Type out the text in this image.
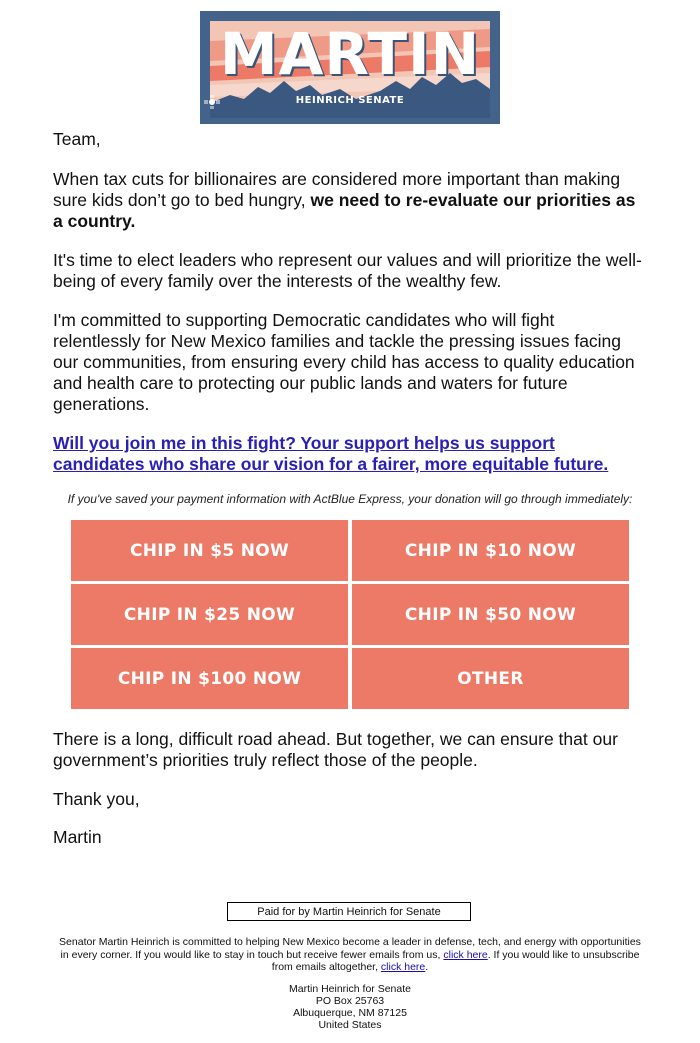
MARTIN
HEINRICH SENATE

Team,

When tax cuts for billionaires are considered more important than making sure kids don’t go to bed hungry, we need to re-evaluate our priorities as a country.

It's time to elect leaders who represent our values and will prioritize the well-being of every family over the interests of the wealthy few.

I'm committed to supporting Democratic candidates who will fight relentlessly for New Mexico families and tackle the pressing issues facing our communities, from ensuring every child has access to quality education and health care to protecting our public lands and waters for future generations.

Will you join me in this fight? Your support helps us support candidates who share our vision for a fairer, more equitable future.

If you've saved your payment information with ActBlue Express, your donation will go through immediately:
CHIP IN $5 NOW	CHIP IN $10 NOW
CHIP IN $25 NOW	CHIP IN $50 NOW
CHIP IN $100 NOW	OTHER

There is a long, difficult road ahead. But together, we can ensure that our government’s priorities truly reflect those of the people.

Thank you,

Martin

Paid for by Martin Heinrich for Senate

Senator Martin Heinrich is committed to helping New Mexico become a leader in defense, tech, and energy with opportunities in every corner. If you would like to stay in touch but receive fewer emails from us, click here. If you would like to unsubscribe from emails altogether, click here.

Martin Heinrich for Senate
PO Box 25763
Albuquerque, NM 87125
United States
